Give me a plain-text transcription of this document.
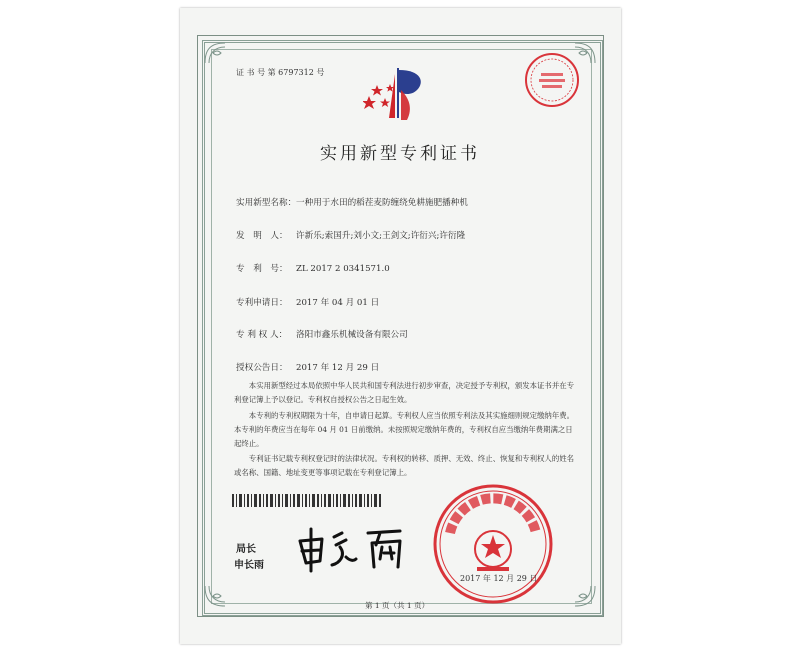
证 书 号 第 6797312 号
实用新型专利证书
实用新型名称：一种用于水田的稻茬麦防缠绕免耕施肥播种机
发　明　人： 许新乐;索国升;刘小文;王剑文;许衍兴;许衍隆
专　利　号： ZL 2017 2 0341571.0
专利申请日： 2017 年 04 月 01 日
专 利 权 人： 洛阳市鑫乐机械设备有限公司
授权公告日： 2017 年 12 月 29 日
本实用新型经过本局依照中华人民共和国专利法进行初步审查，决定授予专利权，颁发本证书并在专利登记簿上予以登记。专利权自授权公告之日起生效。
本专利的专利权期限为十年，自申请日起算。专利权人应当依照专利法及其实施细则规定缴纳年费。本专利的年费应当在每年 04 月 01 日前缴纳。未按照规定缴纳年费的，专利权自应当缴纳年费期满之日起终止。
专利证书记载专利权登记时的法律状况。专利权的转移、质押、无效、终止、恢复和专利权人的姓名或名称、国籍、地址变更等事项记载在专利登记簿上。
局长
申长雨
2017 年 12 月 29 日
第 1 页（共 1 页）
